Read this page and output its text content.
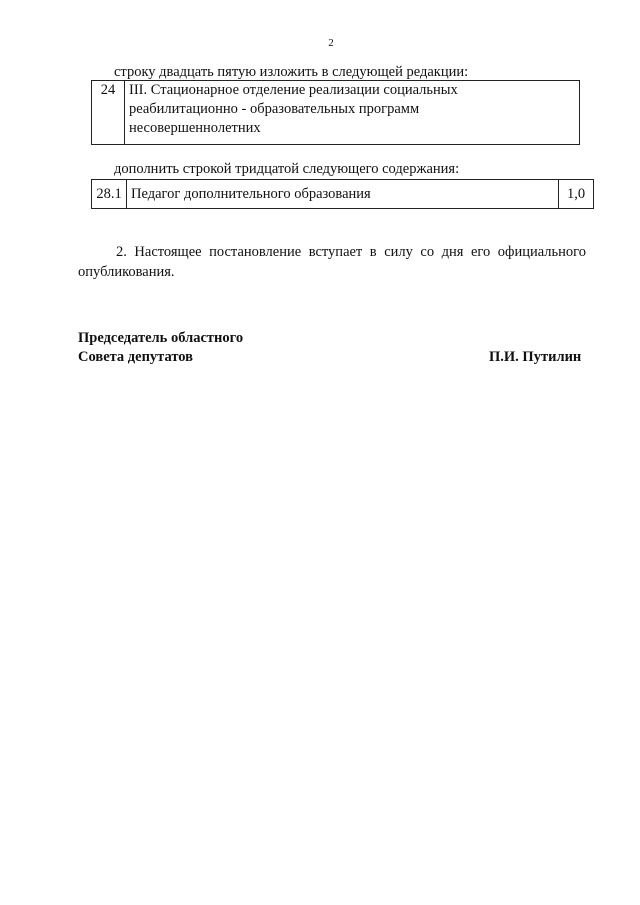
2
строку двадцать пятую изложить в следующей редакции:
24	III. Стационарное отделение реализации социальных
реабилитационно - образовательных программ
несовершеннолетних
дополнить строкой тридцатой следующего содержания:
28.1	Педагог дополнительного образования	1,0
2. Настоящее постановление вступает в силу со дня его официального
опубликования.
Председатель областного
Совета депутатов	П.И. Путилин
